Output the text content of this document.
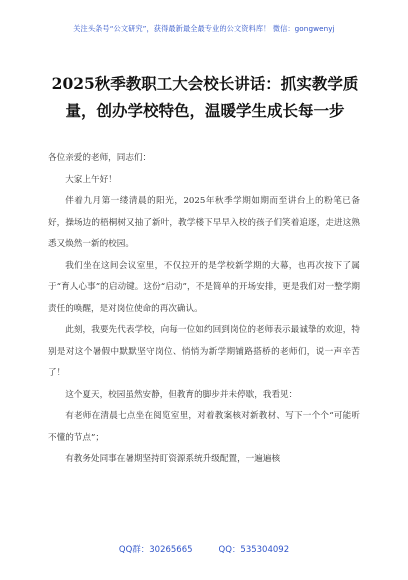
关注头条号“公文研究”，获得最新最全最专业的公文资料库！ 微信：gongwenyj
2025秋季教职工大会校长讲话：抓实教学质量，创办学校特色，温暖学生成长每一步

各位亲爱的老师，同志们：

大家上午好！

伴着九月第一缕清晨的阳光，2025年秋季学期如期而至讲台上的粉笔已备好，操场边的梧桐树又抽了新叶，教学楼下早早入校的孩子们笑着追逐，走进这熟悉又焕然一新的校园。

我们坐在这间会议室里，不仅拉开的是学校新学期的大幕，也再次按下了属于“育人心事”的启动键。这份“启动”，不是简单的开场安排，更是我们对一整学期责任的唤醒，是对岗位使命的再次确认。

此刻，我要先代表学校，向每一位如约回到岗位的老师表示最诚挚的欢迎，特别是对这个暑假中默默坚守岗位、悄悄为新学期铺路搭桥的老师们，说一声辛苦了！

这个夏天，校园虽然安静，但教育的脚步并未停歇，我看见：

有老师在清晨七点坐在阅览室里，对着教案核对新教材、写下一个个“可能听不懂的节点”；

有教务处同事在暑期坚持盯资源系统升级配置，一遍遍核

QQ群：30265665	QQ：535304092
